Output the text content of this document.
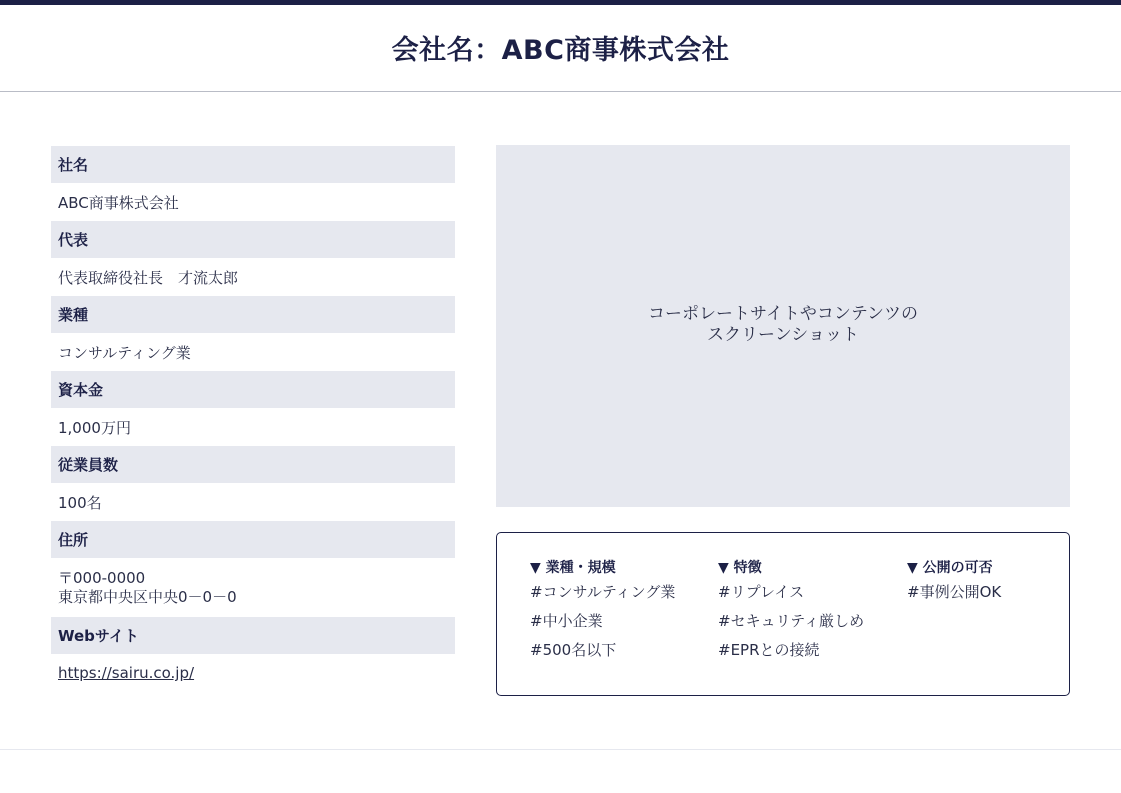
会社名：ABC商事株式会社
社名
ABC商事株式会社
代表
代表取締役社長　才流太郎
業種
コンサルティング業
資本金
1,000万円
従業員数
100名
住所
〒000-0000
東京都中央区中央0－0－0
Webサイト
https://sairu.co.jp/
コーポレートサイトやコンテンツの
スクリーンショット
▼ 業種・規模
#コンサルティング業
#中小企業
#500名以下
▼ 特徴
#リプレイス
#セキュリティ厳しめ
#EPRとの接続
▼ 公開の可否
#事例公開OK
